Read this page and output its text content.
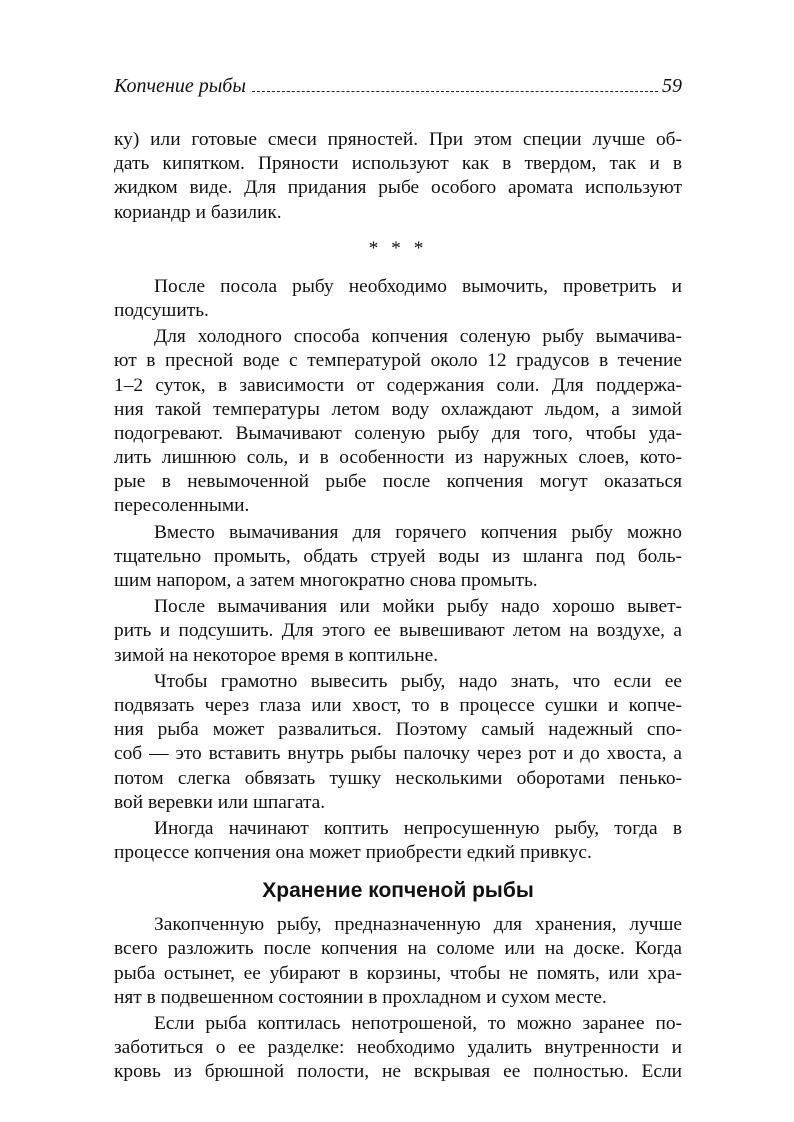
Копчение рыбы	59
ку) или готовые смеси пряностей. При этом специи лучше об-
дать кипятком. Пряности используют как в твердом, так и в
жидком виде. Для придания рыбе особого аромата используют
кориандр и базилик.
* * *
После посола рыбу необходимо вымочить, проветрить и
подсушить.
Для холодного способа копчения соленую рыбу вымачива-
ют в пресной воде с температурой около 12 градусов в течение
1–2 суток, в зависимости от содержания соли. Для поддержа-
ния такой температуры летом воду охлаждают льдом, а зимой
подогревают. Вымачивают соленую рыбу для того, чтобы уда-
лить лишнюю соль, и в особенности из наружных слоев, кото-
рые в невымоченной рыбе после копчения могут оказаться
пересоленными.
Вместо вымачивания для горячего копчения рыбу можно
тщательно промыть, обдать струей воды из шланга под боль-
шим напором, а затем многократно снова промыть.
После вымачивания или мойки рыбу надо хорошо вывет-
рить и подсушить. Для этого ее вывешивают летом на воздухе, а
зимой на некоторое время в коптильне.
Чтобы грамотно вывесить рыбу, надо знать, что если ее
подвязать через глаза или хвост, то в процессе сушки и копче-
ния рыба может развалиться. Поэтому самый надежный спо-
соб — это вставить внутрь рыбы палочку через рот и до хвоста, а
потом слегка обвязать тушку несколькими оборотами пенько-
вой веревки или шпагата.
Иногда начинают коптить непросушенную рыбу, тогда в
процессе копчения она может приобрести едкий привкус.
Хранение копченой рыбы
Закопченную рыбу, предназначенную для хранения, лучше
всего разложить после копчения на соломе или на доске. Когда
рыба остынет, ее убирают в корзины, чтобы не помять, или хра-
нят в подвешенном состоянии в прохладном и сухом месте.
Если рыба коптилась непотрошеной, то можно заранее по-
заботиться о ее разделке: необходимо удалить внутренности и
кровь из брюшной полости, не вскрывая ее полностью. Если
